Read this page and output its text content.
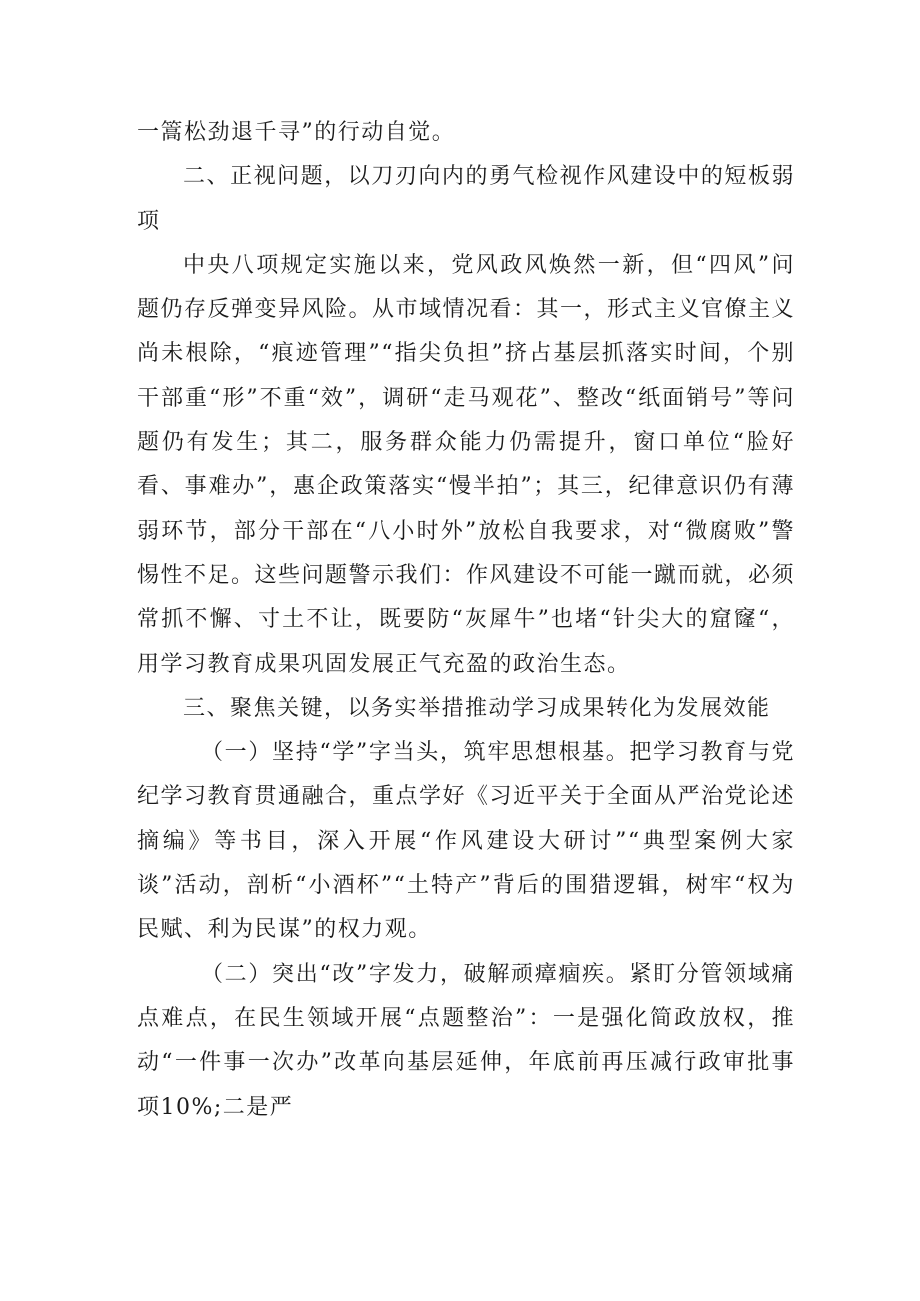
一篙松劲退千寻”的行动自觉。

二、正视问题，以刀刃向内的勇气检视作风建设中的短板弱项

中央八项规定实施以来，党风政风焕然一新，但“四风”问题仍存反弹变异风险。从市域情况看：其一，形式主义官僚主义尚未根除，“痕迹管理”“指尖负担”挤占基层抓落实时间，个别干部重“形”不重“效”，调研“走马观花”、整改“纸面销号”等问题仍有发生；其二，服务群众能力仍需提升，窗口单位“脸好看、事难办”，惠企政策落实“慢半拍”；其三，纪律意识仍有薄弱环节，部分干部在“八小时外”放松自我要求，对“微腐败”警惕性不足。这些问题警示我们：作风建设不可能一蹴而就，必须常抓不懈、寸土不让，既要防“灰犀牛”也堵“针尖大的窟窿“，用学习教育成果巩固发展正气充盈的政治生态。

三、聚焦关键，以务实举措推动学习成果转化为发展效能

（一）坚持“学”字当头，筑牢思想根基。把学习教育与党纪学习教育贯通融合，重点学好《习近平关于全面从严治党论述摘编》等书目，深入开展“作风建设大研讨”“典型案例大家谈”活动，剖析“小酒杯”“土特产”背后的围猎逻辑，树牢“权为民赋、利为民谋”的权力观。

（二）突出“改”字发力，破解顽瘴痼疾。紧盯分管领域痛点难点，在民生领域开展“点题整治”：一是强化简政放权，推动“一件事一次办”改革向基层延伸，年底前再压减行政审批事项10%;二是严
